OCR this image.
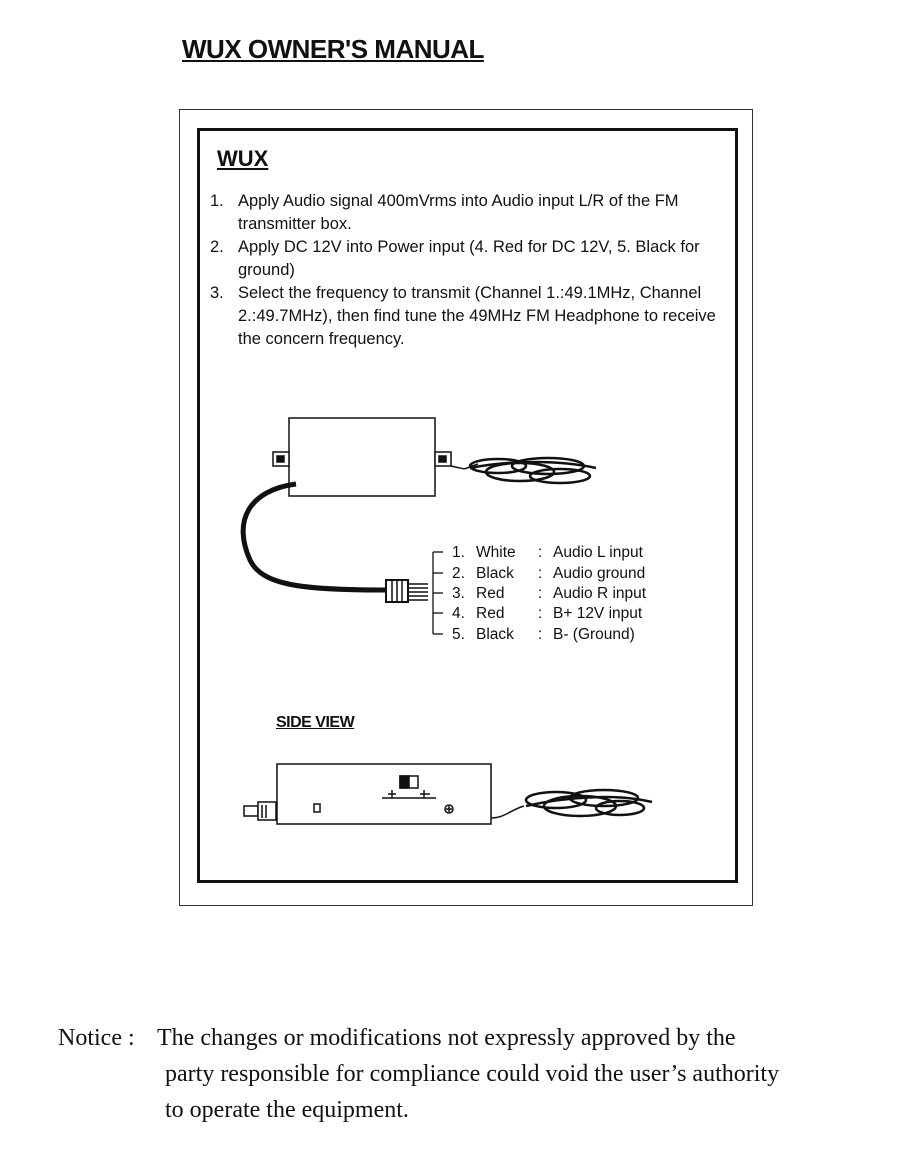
WUX OWNER'S MANUAL
WUX
1. Apply Audio signal 400mVrms into Audio input L/R of the FM transmitter box.
2. Apply DC 12V into Power input (4. Red for DC 12V, 5. Black for ground)
3. Select the frequency to transmit (Channel 1.:49.1MHz, Channel 2.:49.7MHz), then find tune the 49MHz FM Headphone to receive the concern frequency.
1. White : Audio L input
2. Black : Audio ground
3. Red : Audio R input
4. Red : B+ 12V input
5. Black : B- (Ground)
SIDE VIEW
Notice : The changes or modifications not expressly approved by the
party responsible for compliance could void the user’s authority
to operate the equipment.
